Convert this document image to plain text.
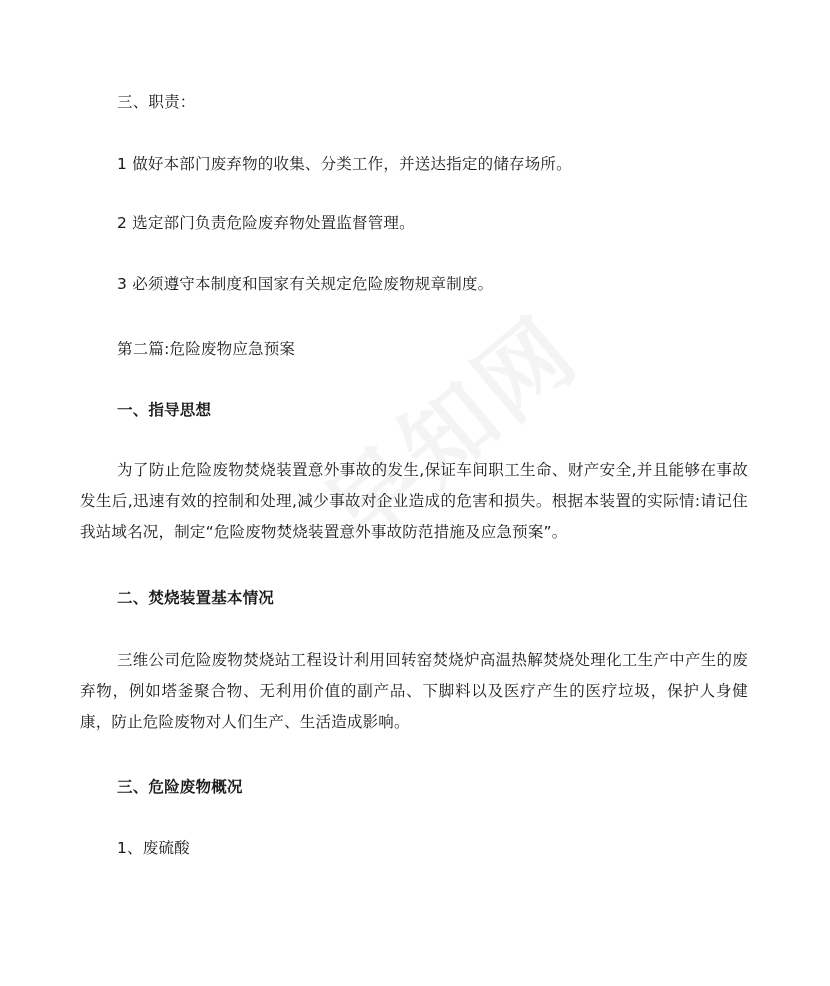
三、职责：
1 做好本部门废弃物的收集、分类工作，并送达指定的储存场所。
2 选定部门负责危险废弃物处置监督管理。
3 必须遵守本制度和国家有关规定危险废物规章制度。
第二篇:危险废物应急预案
一、指导思想
为了防止危险废物焚烧装置意外事故的发生,保证车间职工生命、财产安全,并且能够在事故发生后,迅速有效的控制和处理,减少事故对企业造成的危害和损失。根据本装置的实际情:请记住我站域名况，制定“危险废物焚烧装置意外事故防范措施及应急预案”。
二、焚烧装置基本情况
三维公司危险废物焚烧站工程设计利用回转窑焚烧炉高温热解焚烧处理化工生产中产生的废弃物，例如塔釜聚合物、无利用价值的副产品、下脚料以及医疗产生的医疗垃圾，保护人身健康，防止危险废物对人们生产、生活造成影响。
三、危险废物概况
1、废硫酸
